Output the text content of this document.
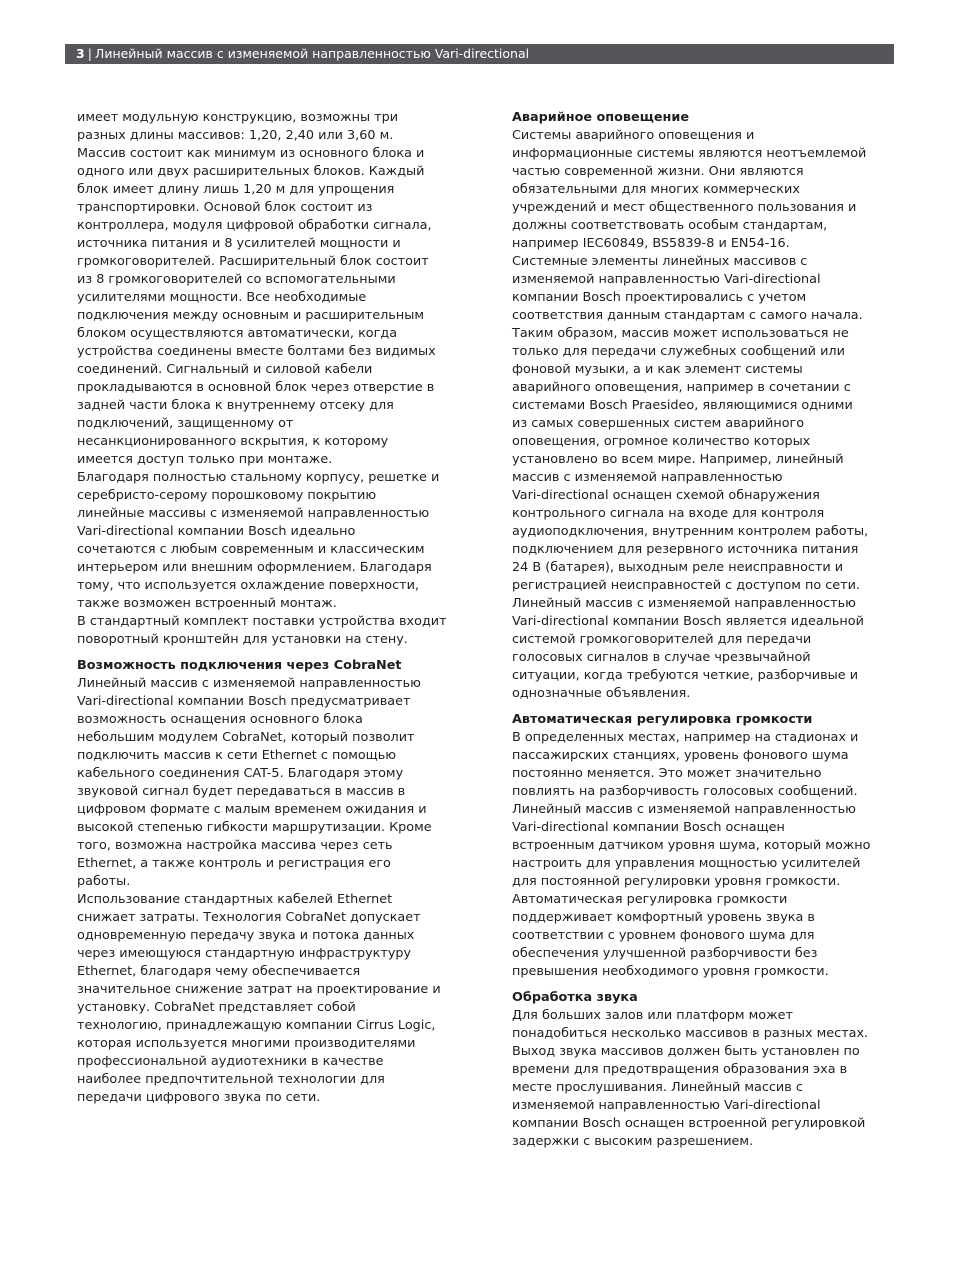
3 | Линейный массив с изменяемой направленностью Vari-directional
имеет модульную конструкцию, возможны три
разных длины массивов: 1,20, 2,40 или 3,60 м.
Массив состоит как минимум из основного блока и
одного или двух расширительных блоков. Каждый
блок имеет длину лишь 1,20 м для упрощения
транспортировки. Основой блок состоит из
контроллера, модуля цифровой обработки сигнала,
источника питания и 8 усилителей мощности и
громкоговорителей. Расширительный блок состоит
из 8 громкоговорителей со вспомогательными
усилителями мощности. Все необходимые
подключения между основным и расширительным
блоком осуществляются автоматически, когда
устройства соединены вместе болтами без видимых
соединений. Сигнальный и силовой кабели
прокладываются в основной блок через отверстие в
задней части блока к внутреннему отсеку для
подключений, защищенному от
несанкционированного вскрытия, к которому
имеется доступ только при монтаже.
Благодаря полностью стальному корпусу, решетке и
серебристо-серому порошковому покрытию
линейные массивы с изменяемой направленностью
Vari-directional компании Bosch идеально
сочетаются с любым современным и классическим
интерьером или внешним оформлением. Благодаря
тому, что используется охлаждение поверхности,
также возможен встроенный монтаж.
В стандартный комплект поставки устройства входит
поворотный кронштейн для установки на стену.
Возможность подключения через CobraNet
Линейный массив с изменяемой направленностью
Vari-directional компании Bosch предусматривает
возможность оснащения основного блока
небольшим модулем CobraNet, который позволит
подключить массив к сети Ethernet с помощью
кабельного соединения CAT-5. Благодаря этому
звуковой сигнал будет передаваться в массив в
цифровом формате с малым временем ожидания и
высокой степенью гибкости маршрутизации. Кроме
того, возможна настройка массива через сеть
Ethernet, а также контроль и регистрация его
работы.
Использование стандартных кабелей Ethernet
снижает затраты. Технология CobraNet допускает
одновременную передачу звука и потока данных
через имеющуюся стандартную инфраструктуру
Ethernet, благодаря чему обеспечивается
значительное снижение затрат на проектирование и
установку. CobraNet представляет собой
технологию, принадлежащую компании Cirrus Logic,
которая используется многими производителями
профессиональной аудиотехники в качестве
наиболее предпочтительной технологии для
передачи цифрового звука по сети.
Аварийное оповещение
Системы аварийного оповещения и
информационные системы являются неотъемлемой
частью современной жизни. Они являются
обязательными для многих коммерческих
учреждений и мест общественного пользования и
должны соответствовать особым стандартам,
например IEC60849, BS5839-8 и EN54-16.
Системные элементы линейных массивов с
изменяемой направленностью Vari-directional
компании Bosch проектировались с учетом
соответствия данным стандартам с самого начала.
Таким образом, массив может использоваться не
только для передачи служебных сообщений или
фоновой музыки, а и как элемент системы
аварийного оповещения, например в сочетании с
системами Bosch Praesideo, являющимися одними
из самых совершенных систем аварийного
оповещения, огромное количество которых
установлено во всем мире. Например, линейный
массив с изменяемой направленностью
Vari-directional оснащен схемой обнаружения
контрольного сигнала на входе для контроля
аудиоподключения, внутренним контролем работы,
подключением для резервного источника питания
24 В (батарея), выходным реле неисправности и
регистрацией неисправностей с доступом по сети.
Линейный массив с изменяемой направленностью
Vari-directional компании Bosch является идеальной
системой громкоговорителей для передачи
голосовых сигналов в случае чрезвычайной
ситуации, когда требуются четкие, разборчивые и
однозначные объявления.
Автоматическая регулировка громкости
В определенных местах, например на стадионах и
пассажирских станциях, уровень фонового шума
постоянно меняется. Это может значительно
повлиять на разборчивость голосовых сообщений.
Линейный массив с изменяемой направленностью
Vari-directional компании Bosch оснащен
встроенным датчиком уровня шума, который можно
настроить для управления мощностью усилителей
для постоянной регулировки уровня громкости.
Автоматическая регулировка громкости
поддерживает комфортный уровень звука в
соответствии с уровнем фонового шума для
обеспечения улучшенной разборчивости без
превышения необходимого уровня громкости.
Обработка звука
Для больших залов или платформ может
понадобиться несколько массивов в разных местах.
Выход звука массивов должен быть установлен по
времени для предотвращения образования эха в
месте прослушивания. Линейный массив с
изменяемой направленностью Vari-directional
компании Bosch оснащен встроенной регулировкой
задержки с высоким разрешением.
